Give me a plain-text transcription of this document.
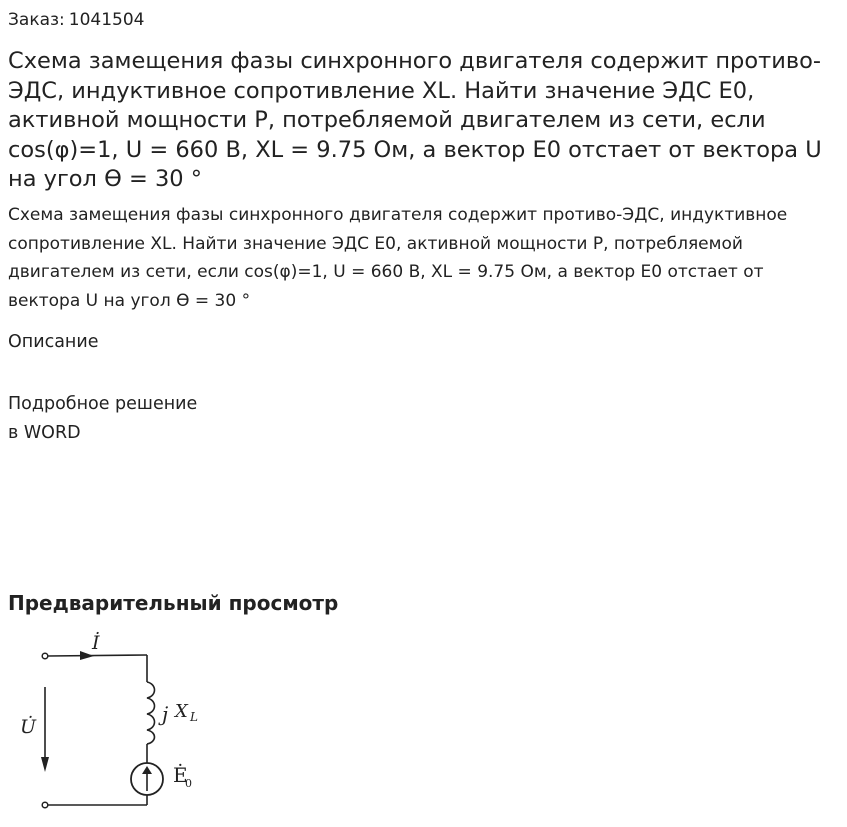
Заказ: 1041504
Схема замещения фазы синхронного двигателя содержит противо-ЭДС, индуктивное сопротивление XL. Найти значение ЭДС E0, активной мощности P, потребляемой двигателем из сети, если cos(φ)=1, U = 660 В, XL = 9.75 Ом, а вектор E0 отстает от вектора U на угол Ө = 30 °

Схема замещения фазы синхронного двигателя содержит противо-ЭДС, индуктивное сопротивление XL. Найти значение ЭДС E0, активной мощности P, потребляемой двигателем из сети, если cos(φ)=1, U = 660 В, XL = 9.75 Ом, а вектор E0 отстает от вектора U на угол Ө = 30 °

Описание
Подробное решение
в WORD
Предварительный просмотр
İ
j X L
Ė
0
U̇
